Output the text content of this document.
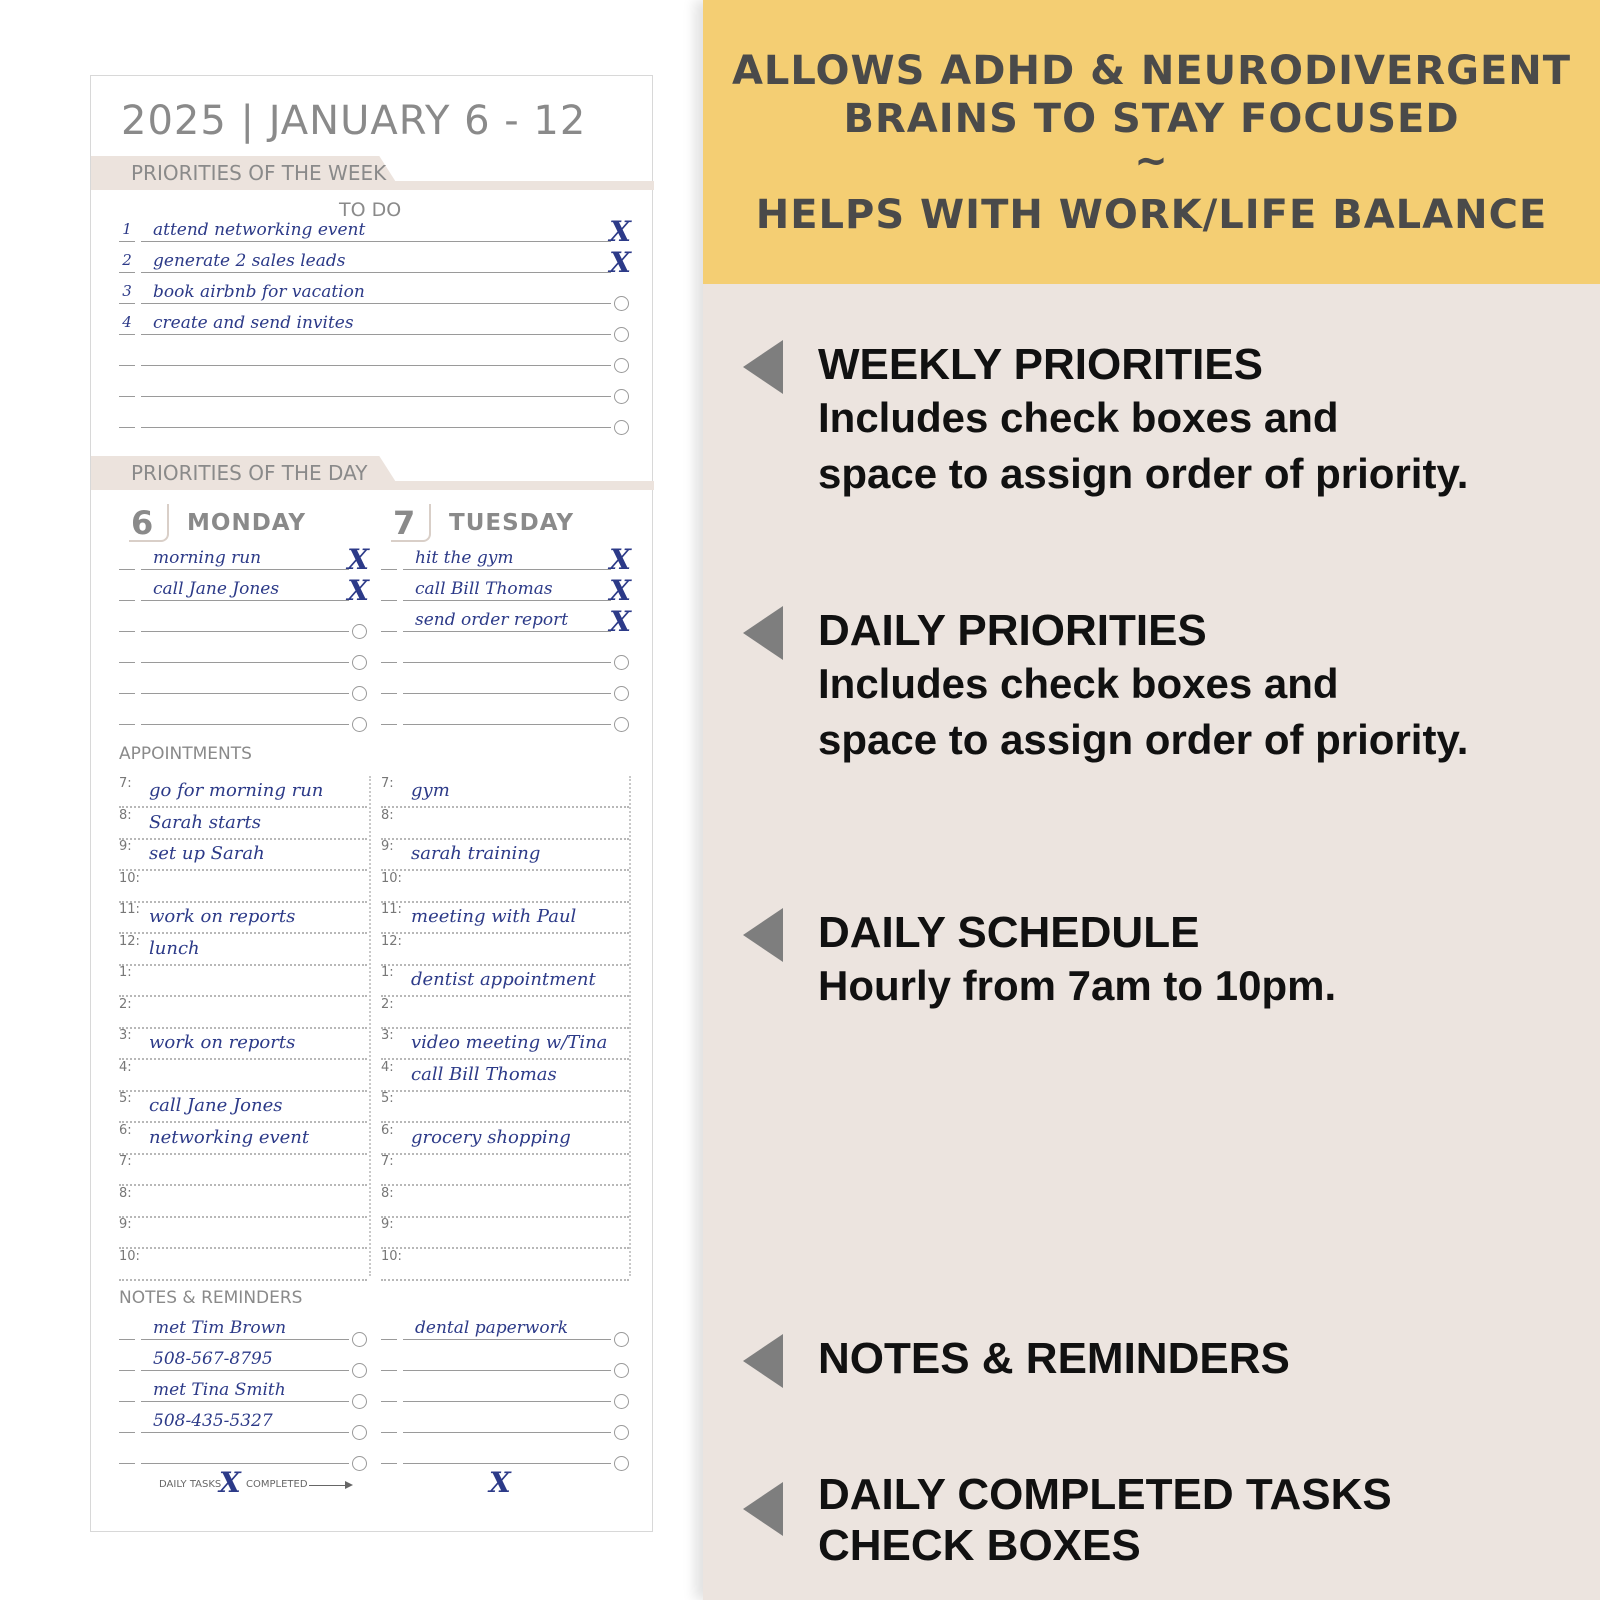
2025 | JANUARY 6 - 12
PRIORITIES OF THE WEEK
TO DO
1 attend networking event	X
2 generate 2 sales leads	X
3 book airbnb for vacation
4 create and send invites
PRIORITIES OF THE DAY
6	MONDAY	7	TUESDAY
morning run	X
call Jane Jones X
hit the gym	X
call Bill Thomas X
send order report X
APPOINTMENTS
7: go for morning run
8: Sarah starts
9: set up Sarah
10:
11: work on reports
12: lunch
1:
2:
3: work on reports
4:
5: call Jane Jones
6: networking event
7:
8:
9:
10:
7: gym
8:
9: sarah training
10:
11: meeting with Paul
12:
1: dentist appointment
2:
3: video meeting w/Tina
4: call Bill Thomas
5:
6: grocery shopping
7:
8:
9:
10:
NOTES & REMINDERS
met Tim Brown
508-567-8795
met Tina Smith
508-435-5327
dental paperwork
DAILY TASKS
X COMPLETED	X
ALLOWS ADHD & NEURODIVERGENT
BRAINS TO STAY FOCUSED
~
HELPS WITH WORK/LIFE BALANCE
WEEKLY PRIORITIES
Includes check boxes and
space to assign order of priority.
DAILY PRIORITIES
Includes check boxes and
space to assign order of priority.
DAILY SCHEDULE
Hourly from 7am to 10pm.
NOTES & REMINDERS
DAILY COMPLETED TASKS
CHECK BOXES
